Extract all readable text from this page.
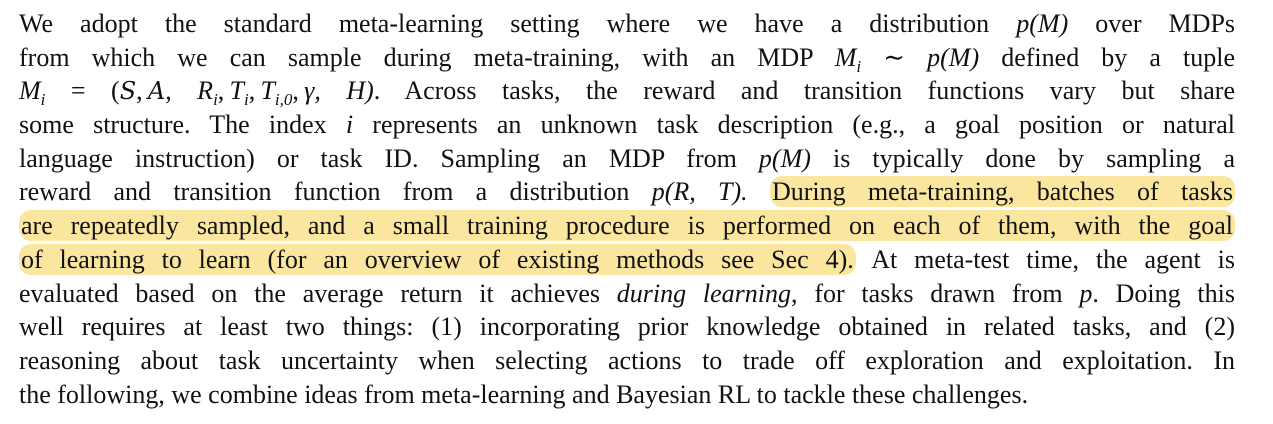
We adopt the standard meta-learning setting where we have a distribution p(M) over MDPs
from which we can sample during meta-training, with an MDP $M_i$ ∼ p(M) defined by a tuple
$M_i = (S$, A, $R_i$, $T_i$, $T_{i,0}$, γ, H). Across tasks, the reward and transition functions vary but share
some structure. The index i represents an unknown task description (e.g., a goal position or natural
language instruction) or task ID. Sampling an MDP from p(M) is typically done by sampling a
reward and transition function from a distribution p(R, T). During meta-training, batches of tasks
are repeatedly sampled, and a small training procedure is performed on each of them, with the goal
of learning to learn (for an overview of existing methods see Sec 4). At meta-test time, the agent is
evaluated based on the average return it achieves during learning, for tasks drawn from p. Doing this
well requires at least two things: (1) incorporating prior knowledge obtained in related tasks, and (2)
reasoning about task uncertainty when selecting actions to trade off exploration and exploitation. In
the following, we combine ideas from meta-learning and Bayesian RL to tackle these challenges.
